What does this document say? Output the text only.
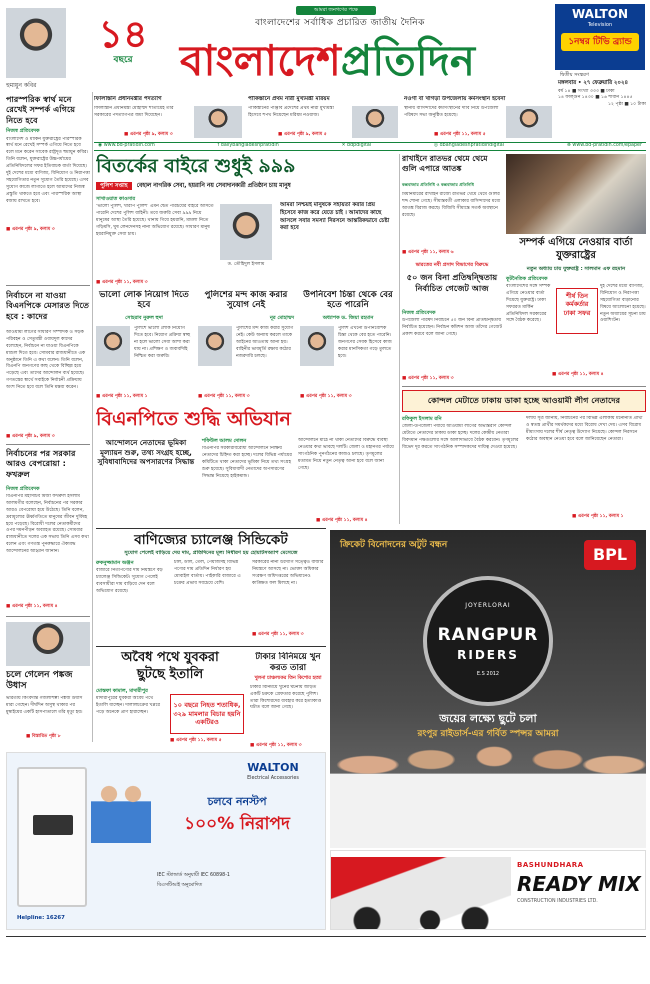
১৪
বছরে
আমরা জনগণের পক্ষে
বাংলাদেশের সর্বাধিক প্রচারিত জাতীয় দৈনিক
বাংলাদেশপ্রতিদিন
WALTON
Television
১নম্বর টিভি ব্র্যান্ড
দ্বিতীয় সংস্করণ
হুমায়ুন কবির	মঙ্গলবার • ২৭ ফেব্রুয়ারি ২০২৪
বর্ষ ১৪ ■ সংখ্যা ৩৩৩ ■ ঢাকা
১৪ ফাল্গুন ১৪৩০ ■ ১৬ শাবান ১৪৪৫
১২ পৃষ্ঠা ■ ১০ টাকা
ফিলিস্তিনি প্রধানমন্ত্রীর পদত্যাগ
ফিলিস্তিনি প্রধানমন্ত্রী মোহাম্মদ শাতায়েহ তাঁর সরকারের পদত্যাগপত্র জমা দিয়েছেন।
■ এরপর পৃষ্ঠা ৯, কলাম ৩
পাকিস্তানে প্রথম নারী মুখ্যমন্ত্রী মরিয়ম
পাকিস্তানের পাঞ্জাব প্রদেশের প্রথম নারী মুখ্যমন্ত্রী হিসেবে শপথ নিয়েছেন মরিয়ম নওয়াজ।
■ এরপর পৃষ্ঠা ৯, কলাম ৫
নওগাঁ বা খাগড়া উপজেলায় কর্মসংস্থান হবেনা
স্থানীয় বাসিন্দাদের কর্মসংস্থানের দাবি নিয়ে উপজেলা পরিষদে সভা অনুষ্ঠিত হয়েছে।
■ এরপর পৃষ্ঠা ১১, কলাম ৫
◉ www.bd-pratidin.com	f dailybangladeshpratidin	✕ bdpdigital	◎ dbangladeshpratidindigital	⊕ www.bd-pratidin.com/epaper
পারস্পরিক স্বার্থ মনে রেখেই সম্পর্ক এগিয়ে নিতে হবে
নিজস্ব প্রতিবেদক
বাংলাদেশ ও মার্কিন যুক্তরাষ্ট্রের পারস্পরিক স্বার্থ মনে রেখেই সম্পর্ক এগিয়ে নিতে হবে বলে মনে করেন সাবেক রাষ্ট্রদূত হুমায়ুন কবির। তিনি বলেন, যুক্তরাষ্ট্রের উচ্চপর্যায়ের প্রতিনিধিদলের সফর ইতিবাচক বার্তা দিয়েছে। দুই দেশের মধ্যে বাণিজ্য, বিনিয়োগ ও নিরাপত্তা সহযোগিতার নতুন সুযোগ তৈরি হয়েছে। এসব সুযোগ কাজে লাগাতে হলে আমাদের নিজস্ব প্রস্তুতি থাকতে হবে এবং পারস্পরিক আস্থা বজায় রাখতে হবে।
■ এরপর পৃষ্ঠা ৯, কলাম ৩
নির্বাচনে না যাওয়া বিএনপিকে মেসারত দিতে হবে : কাদের
আওয়ামী লীগের সাধারণ সম্পাদক ও সড়ক পরিবহন ও সেতুমন্ত্রী ওবায়দুল কাদের বলেছেন, নির্বাচনে না যাওয়া বিএনপিকে মাশুল দিতে হবে। সোমবার রাজধানীতে এক অনুষ্ঠানে তিনি এ কথা বলেন। তিনি বলেন, বিএনপি জনগণের কাছ থেকে বিচ্ছিন্ন হয়ে পড়েছে এবং তাদের আন্দোলন ব্যর্থ হয়েছে। গণতন্ত্রের স্বার্থে সবাইকে নির্বাচনী প্রক্রিয়ায় অংশ নিতে হবে বলে তিনি মন্তব্য করেন।
■ এরপর পৃষ্ঠা ৯, কলাম ৩
নির্বাচনের পর সরকার আরও বেপরোয়া : ফখরুল
নিজস্ব প্রতিবেদক
বিএনপির মহাসচিব মির্জা ফখরুল ইসলাম আলমগীর বলেছেন, নির্বাচনের পর সরকার আরও বেপরোয়া হয়ে উঠেছে। তিনি বলেন, দ্রব্যমূল্যের ঊর্ধ্বগতিতে মানুষের জীবন দুর্বিষহ হয়ে পড়েছে। বিরোধী দলের নেতাকর্মীদের ওপর দমনপীড়ন অব্যাহত রয়েছে। সোমবার রাজধানীতে দলের এক সভায় তিনি এসব কথা বলেন এবং গণতন্ত্র পুনরুদ্ধারে ঐক্যবদ্ধ আন্দোলনের আহ্বান জানান।
■ এরপর পৃষ্ঠা ১১, কলাম ৪
চলে গেলেন পঙ্কজ উধাস
ভারতীয় কিংবদন্তি গজলশিল্পী পঙ্কজ উধাস মারা গেছেন। দীর্ঘদিন অসুস্থ থাকার পর মুম্বাইয়ের একটি হাসপাতালে তাঁর মৃত্যু হয়।
■ বিস্তারিত পৃষ্ঠা ৮
বিতর্কের বাইরে শুধুই ৯৯৯
পুলিশ সপ্তাহ বেহাল নাগরিক সেবা, হয়রানি নয় সেবাদানকারী প্রতিষ্ঠান চায় মানুষ
সাখাওয়াত কাওসার
‘ভালো পুলিশ, খারাপ পুলিশ’ এমন দ্বৈত পরিচয়ের বাইরে আসতে পারেনি দেশের পুলিশ বাহিনী। তবে জরুরি সেবা ৯৯৯ নিয়ে মানুষের আস্থা তৈরি হয়েছে। থানায় গিয়ে হয়রানি, মামলা নিতে গড়িমসি, ঘুষ লেনদেনসহ নানা অভিযোগ রয়েছে। সাধারণ মানুষ হয়রানিমুক্ত সেবা চায়।
ড. তৌহিদুল ইসলাম
আমরা নিশ্চয়ই মানুষকে সহায়তা করার প্রিয় হিসেবে কাজ করে যেতে চাই । আমাদের কাছে আসলে সবার সমস্যা নিরসনে আন্তরিকভাবে চেষ্টা করা হবে
■ এরপর পৃষ্ঠা ১১, কলাম ৩
ভালো লোক নিয়োগ দিতে হবে
সোহরাব নুরুল হুদা
পুলিশে ভালো লোক নিয়োগ দিতে হবে। নিয়োগ প্রক্রিয়া স্বচ্ছ না হলে ভালো সেবা আশা করা যায় না। প্রশিক্ষণ ও জবাবদিহি নিশ্চিত করা জরুরি।
■ এরপর পৃষ্ঠা ১১, কলাম ১
পুলিশের মন্দ কাজ করার সুযোগ নেই
নূর মোহাম্মদ
পুলিশের মন্দ কাজ করার সুযোগ নেই। কেউ অন্যায় করলে তাকে আইনের আওতায় আনা হয়। বাহিনীর ভাবমূর্তি রক্ষায় কঠোর নজরদারি চলছে।
■ এরপর পৃষ্ঠা ১১, কলাম ৩
উপনিবেশ চিন্তা থেকে বের হতে পারেনি
অধ্যাপক ড. জিয়া রহমান
পুলিশ এখনো উপনিবেশিক চিন্তা থেকে বের হতে পারেনি। জনগণের সেবক হিসেবে কাজ করার মানসিকতা গড়ে তুলতে হবে।
■ এরপর পৃষ্ঠা ১১, কলাম ৩
বিএনপিতে শুদ্ধি অভিযান
আন্দোলনে নেতাদের ভূমিকা মূল্যায়ন শুরু, তথ্য সংগ্রহ হচ্ছে, সুবিধাবাদিদের অপসারণের সিদ্ধান্ত
শফিউল আলম দোলন
বিএনপির সরকারবিরোধী আন্দোলনে নিষ্ক্রিয় নেতাদের চিহ্নিত করা হচ্ছে। দলের বিভিন্ন পর্যায়ের কমিটিতে থাকা নেতাদের ভূমিকা নিয়ে তথ্য সংগ্রহ শুরু হয়েছে। সুবিধাবাদী নেতাদের অপসারণের সিদ্ধান্ত নিয়েছে হাইকমান্ড।
আন্দোলনে মাঠে না থাকা নেতাদের বিরুদ্ধে ব্যবস্থা নেওয়ার কথা ভাবছে দলটি। জেলা ও মহানগর পর্যায়ে সাংগঠনিক পুনর্গঠনের কাজও চলছে। তৃণমূলের মতামত নিয়ে নতুন নেতৃত্ব আনা হবে বলে জানা গেছে।
■ এরপর পৃষ্ঠা ১১, কলাম ৪
রাখাইনে রাতভর থেমে থেমে গুলি এপারে আতঙ্ক
কক্সবাজার প্রতিনিধি ও কক্সবাজার প্রতিনিধি
মিয়ানমারের রাখাইন রাজ্যে রাতভর থেমে থেমে গুলির শব্দ শোনা গেছে। সীমান্তবর্তী এলাকার বাসিন্দাদের মধ্যে আতঙ্ক বিরাজ করছে। বিজিবি সীমান্তে সতর্ক অবস্থানে রয়েছে।
■ এরপর পৃষ্ঠা ১১, কলাম ৬
সম্পর্ক এগিয়ে নেওয়ার বার্তা যুক্তরাষ্ট্রের
নতুন অধ্যায় চায় যুক্তরাষ্ট্র : সালমান এফ রহমান
কূটনৈতিক প্রতিবেদক
বাংলাদেশের সঙ্গে সম্পর্ক এগিয়ে নেওয়ার বার্তা দিয়েছে যুক্তরাষ্ট্র। ঢাকা সফররত মার্কিন প্রতিনিধিদল সরকারের সঙ্গে বৈঠক করেছে।
শীর্ষ তিন কর্মকর্তার ঢাকা সফর
দুই দেশের মধ্যে বাণিজ্য, বিনিয়োগ ও নিরাপত্তা সহযোগিতা বাড়ানোর বিষয়ে আলোচনা হয়েছে। নতুন অধ্যায়ের সূচনা চায় ওয়াশিংটন।
■ এরপর পৃষ্ঠা ১১, কলাম ৪
ভারতের নবী প্রসাদ বিভাগের বিরুদ্ধে
৫০ জন বিনা প্রতিদ্বন্দ্বিতায় নির্বাচিত গেজেট আজ
নিজস্ব প্রতিবেদক
উপজেলা পরিষদ নির্বাচনে ৫০ জন বিনা প্রতিদ্বন্দ্বিতায় নির্বাচিত হয়েছেন। নির্বাচন কমিশন আজ তাঁদের গেজেট প্রকাশ করবে বলে জানা গেছে।
■ এরপর পৃষ্ঠা ১১, কলাম ৩
কোন্দল মেটাতে ঢাকায় ডাকা হচ্ছে আওয়ামী লীগ নেতাদের
রফিকুল ইসলাম রনি
জেলা-উপজেলা পর্যায়ে আওয়ামী লীগের অভ্যন্তরীণ কোন্দল মেটাতে নেতাদের ঢাকায় ডাকা হচ্ছে। দলের কেন্দ্রীয় নেতারা বিবদমান পক্ষগুলোর সঙ্গে আলাদাভাবে বৈঠক করবেন। তৃণমূলের বিভেদ দূর করতে সাংগঠনিক সম্পাদকদের দায়িত্ব দেওয়া হয়েছে।
দলীয় সূত্র জানায়, নির্বাচনের পর বিভিন্ন এলাকায় মনোনীত প্রার্থী ও স্বতন্ত্র প্রার্থীর সমর্থকদের মধ্যে বিরোধ দেখা দেয়। এসব বিরোধ মীমাংসায় দলের শীর্ষ নেতৃত্ব উদ্যোগ নিয়েছে। কোন্দল নিরসনে কঠোর অবস্থান নেওয়া হবে বলে জানিয়েছেন নেতারা।
■ এরপর পৃষ্ঠা ১১, কলাম ১
বাণিজ্যের চ্যালেঞ্জ সিন্ডিকেট
সুযোগ পেলেই বাড়িয়ে দেয় দাম, প্রতিদিনের মূল্য নির্ধারণ হয় হোয়াটসঅ্যাপ মেসেজে
রুকনুজ্জামান অঞ্জন
বাজারে নিত্যপণ্যের দাম নিয়ন্ত্রণে বড় চ্যালেঞ্জ সিন্ডিকেট। সুযোগ পেলেই ব্যবসায়ীরা দাম বাড়িয়ে দেন বলে অভিযোগ রয়েছে।
চাল, ডাল, তেল, পেঁয়াজসহ বিভিন্ন পণ্যের দাম প্রতিদিন নির্ধারণ হয় মোবাইল বার্তায়। পাইকারি বাজারে এ চক্রের প্রভাব সবচেয়ে বেশি।
সরকারের নানা উদ্যোগ সত্ত্বেও বাজার নিয়ন্ত্রণে আসছে না। ভোক্তা অধিকার সংরক্ষণ অধিদপ্তরের অভিযানেও কাঙ্ক্ষিত ফল মিলছে না।
■ এরপর পৃষ্ঠা ১১, কলাম ৩
অবৈধ পথে যুবকরা ছুটছে ইতালি
মোস্তফা কামাল, মাদারীপুর
মাদারীপুরের যুবকরা অবৈধ পথে ইতালি যাচ্ছেন। দালালচক্রের খপ্পরে পড়ে অনেকে প্রাণ হারাচ্ছেন।
১০ বছরে নিহত শতাধিক, ৩২৯ মামলার বিচার হয়নি একটিরও
■ এরপর পৃষ্ঠা ১১, কলাম ৫
টাকার বিনিময়ে খুন করত তারা
খুলনা চাঞ্চল্যকর তিন কিশোর হত্যা
টাকার বিনিময়ে খুনের ঘটনায় জড়িত একটি চক্রকে গ্রেফতার করেছে পুলিশ। তারা কিশোরদের ব্যবহার করে হত্যাকাণ্ড ঘটাত বলে জানা গেছে।
■ এরপর পৃষ্ঠা ১১, কলাম ৩
ক্রিকেট বিনোদনের অটুট বন্ধন	BPL
JOYERLORAI
RANGPUR
RIDERS
E.S 2012
জয়ের লক্ষ্যে ছুটে চলা
রংপুর রাইডার্স-এর গর্বিত স্পন্সর আমরা
BASHUNDHARA
READY MIX
CONSTRUCTION INDUSTRIES LTD.
WALTON
Electrical Accessories
চলবে ননস্টপ
১০০% নিরাপদ
IEC স্ট্যান্ডার্ড অনুযায়ী IEC 60898-1
বিএসটিআই অনুমোদিত
Helpline: 16267
